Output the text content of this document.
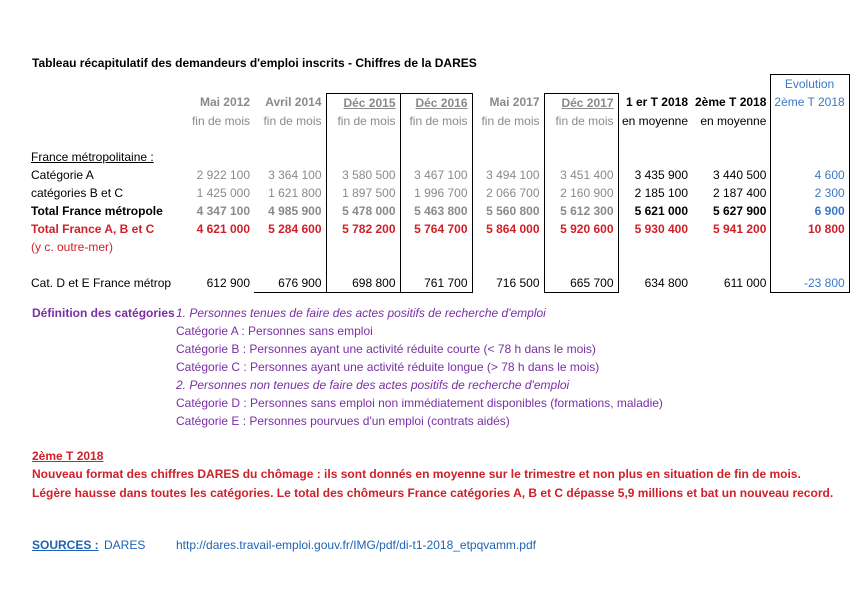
Tableau récapitulatif des demandeurs d'emploi inscrits - Chiffres de la DARES
									Evolution
	Mai 2012	Avril 2014	Déc 2015	Déc 2016	Mai 2017	Déc 2017	1 er T 2018	2ème T 2018	2ème T 2018
	fin de mois	fin de mois	fin de mois	fin de mois	fin de mois	fin de mois	en moyenne	en moyenne	

France métropolitaine :									
Catégorie A	2 922 100	3 364 100	3 580 500	3 467 100	3 494 100	3 451 400	3 435 900	3 440 500	4 600
catégories B et C	1 425 000	1 621 800	1 897 500	1 996 700	2 066 700	2 160 900	2 185 100	2 187 400	2 300
Total France métropole	4 347 100	4 985 900	5 478 000	5 463 800	5 560 800	5 612 300	5 621 000	5 627 900	6 900
Total France A, B et C	4 621 000	5 284 600	5 782 200	5 764 700	5 864 000	5 920 600	5 930 400	5 941 200	10 800
(y c. outre-mer)									

Cat. D et E France métrop	612 900	676 900	698 800	761 700	716 500	665 700	634 800	611 000	-23 800
Définition des catégories 1. Personnes tenues de faire des actes positifs de recherche d'emploi
Catégorie A : Personnes sans emploi
Catégorie B : Personnes ayant une activité réduite courte (< 78 h dans le mois)
Catégorie C : Personnes ayant une activité réduite longue (> 78 h dans le mois)
2. Personnes non tenues de faire des actes positifs de recherche d'emploi
Catégorie D : Personnes sans emploi non immédiatement disponibles (formations, maladie)
Catégorie E : Personnes pourvues d'un emploi (contrats aidés)
2ème T 2018
Nouveau format des chiffres DARES du chômage : ils sont donnés en moyenne sur le trimestre et non plus en situation de fin de mois.
Légère hausse dans toutes les catégories. Le total des chômeurs France catégories A, B et C dépasse 5,9 millions et bat un nouveau record.
SOURCES : DARES	http://dares.travail-emploi.gouv.fr/IMG/pdf/di-t1-2018_etpqvamm.pdf
